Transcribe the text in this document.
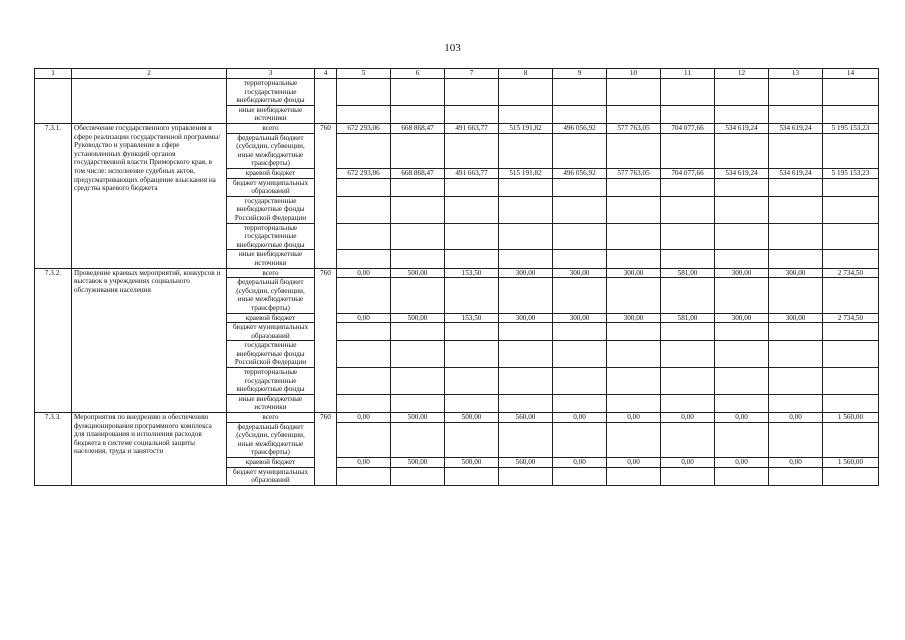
103
1	2	3	4	5	6	7	8	9	10	11	12	13	14
		территориальные государственные внебюджетные фонды											
		иные внебюджетные источники											
7.3.1.	Обеспечение государственного управления в сфере реализации государственной программы/ Руководство и управление в сфере установленных функций органов государственной власти Приморского края, в том числе: исполнение судебных актов, предусматривающих обращение взыскания на средства краевого бюджета	всего	760	672 293,06	668 868,47	491 663,77	515 191,82	496 056,92	577 763,05	704 077,66	534 619,24	534 619,24	5 195 153,23
		федеральный бюджет (субсидии, субвенции, иные межбюджетные трансферты)											
		краевой бюджет		672 293,06	668 868,47	491 663,77	515 191,82	496 056,92	577 763,05	704 077,66	534 619,24	534 619,24	5 195 153,23
		бюджет муниципальных образований											
		государственные внебюджетные фонды Российской Федерации											
		территориальные государственные внебюджетные фонды											
		иные внебюджетные источники											
7.3.2.	Проведение краевых мероприятий, конкурсов и выставок в учреждениях социального обслуживания населения	всего	760	0,00	500,00	153,50	300,00	300,00	300,00	581,00	300,00	300,00	2 734,50
		федеральный бюджет (субсидии, субвенции, иные межбюджетные трансферты)											
		краевой бюджет		0,00	500,00	153,50	300,00	300,00	300,00	581,00	300,00	300,00	2 734,50
		бюджет муниципальных образований											
		государственные внебюджетные фонды Российской Федерации											
		территориальные государственные внебюджетные фонды											
		иные внебюджетные источники											
7.3.3.	Мероприятия по внедрению и обеспечению функционирования программного комплекса для планирования и исполнения расходов бюджета в системе социальной защиты населения, труда и занятости	всего	760	0,00	500,00	500,00	560,00	0,00	0,00	0,00	0,00	0,00	1 560,00
		федеральный бюджет (субсидии, субвенции, иные межбюджетные трансферты)											
		краевой бюджет		0,00	500,00	500,00	560,00	0,00	0,00	0,00	0,00	0,00	1 560,00
		бюджет муниципальных образований											
